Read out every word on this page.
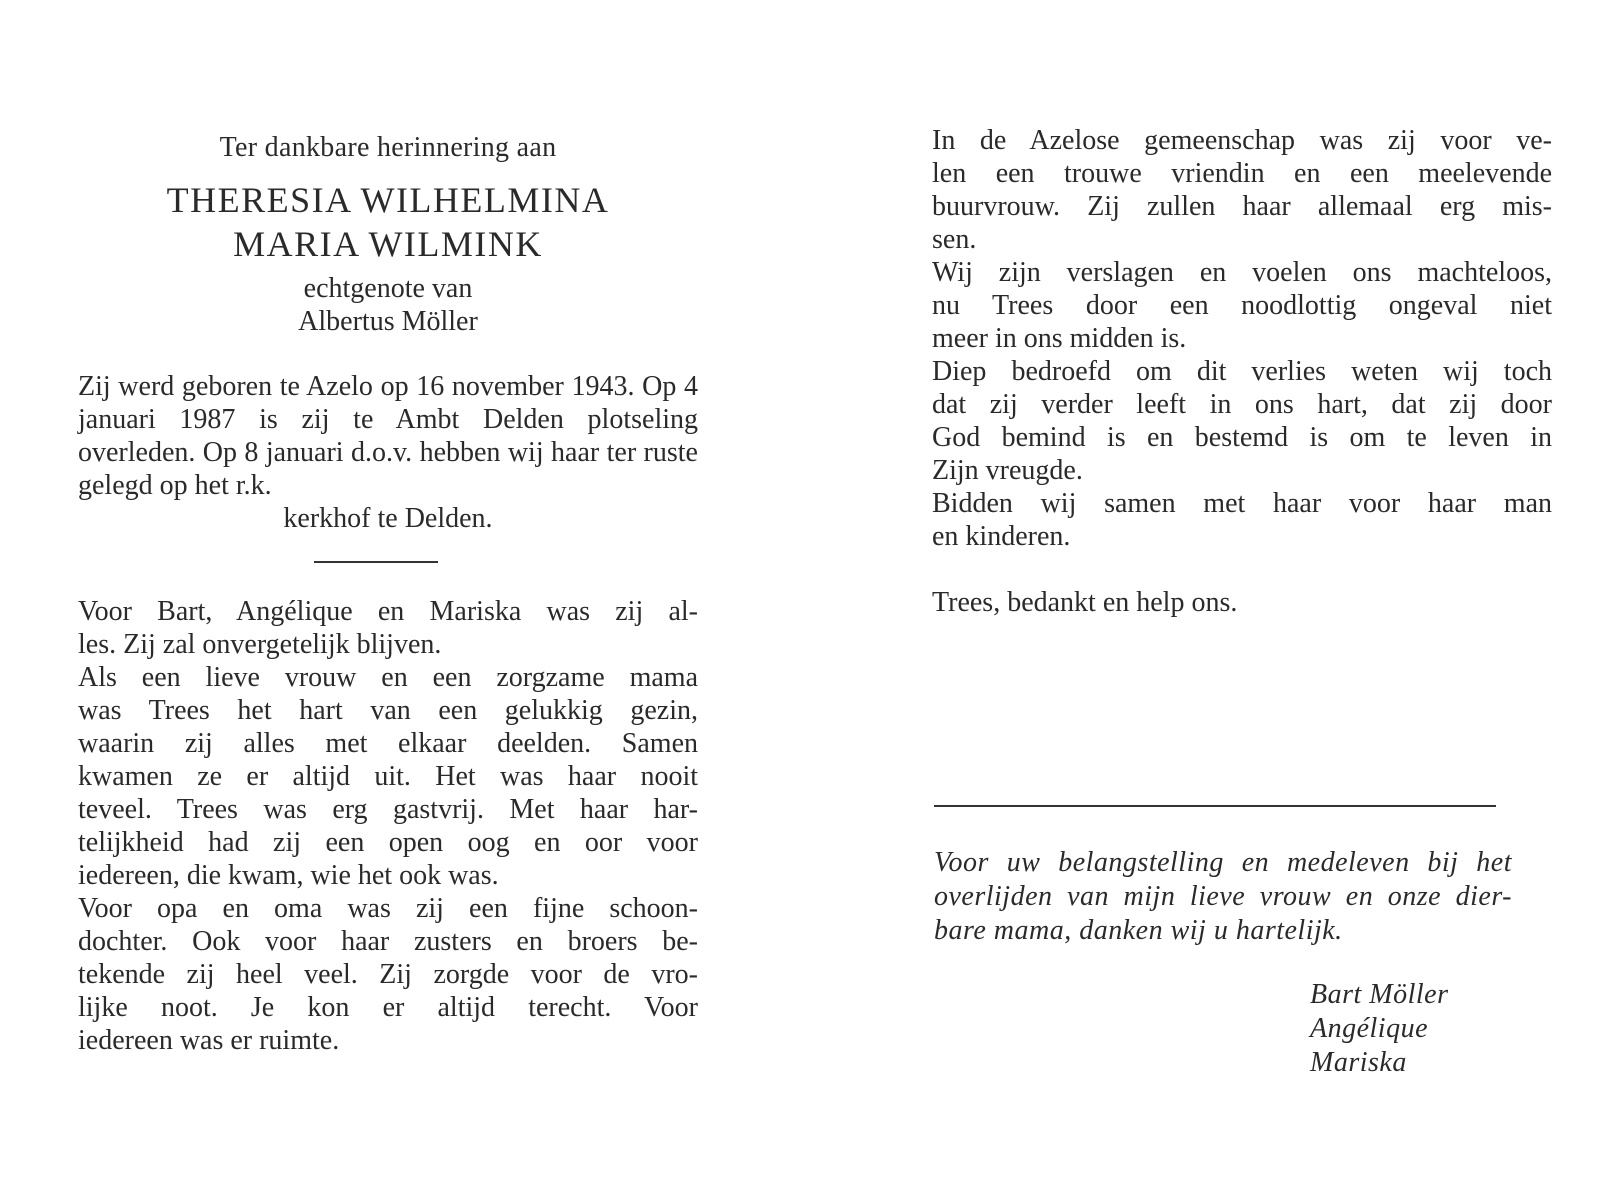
Ter dankbare herinnering aan
THERESIA WILHELMINA
MARIA WILMINK
echtgenote van
Albertus Möller
Zij werd geboren te Azelo op 16 november 1943. Op 4 januari 1987 is zij te Ambt Delden plotseling overleden. Op 8 januari d.o.v. hebben wij haar ter ruste gelegd op het r.k.
kerkhof te Delden.
Voor Bart, Angélique en Mariska was zij al-
les. Zij zal onvergetelijk blijven.
Als een lieve vrouw en een zorgzame mama
was Trees het hart van een gelukkig gezin,
waarin zij alles met elkaar deelden. Samen
kwamen ze er altijd uit. Het was haar nooit
teveel. Trees was erg gastvrij. Met haar har-
telijkheid had zij een open oog en oor voor
iedereen, die kwam, wie het ook was.
Voor opa en oma was zij een fijne schoon-
dochter. Ook voor haar zusters en broers be-
tekende zij heel veel. Zij zorgde voor de vro-
lijke noot. Je kon er altijd terecht. Voor
iedereen was er ruimte.
In de Azelose gemeenschap was zij voor ve-
len een trouwe vriendin en een meelevende
buurvrouw. Zij zullen haar allemaal erg mis-
sen.
Wij zijn verslagen en voelen ons machteloos,
nu Trees door een noodlottig ongeval niet
meer in ons midden is.
Diep bedroefd om dit verlies weten wij toch
dat zij verder leeft in ons hart, dat zij door
God bemind is en bestemd is om te leven in
Zijn vreugde.
Bidden wij samen met haar voor haar man
en kinderen.
Trees, bedankt en help ons.
Voor uw belangstelling en medeleven bij het
overlijden van mijn lieve vrouw en onze dier-
bare mama, danken wij u hartelijk.
Bart Möller
Angélique
Mariska
